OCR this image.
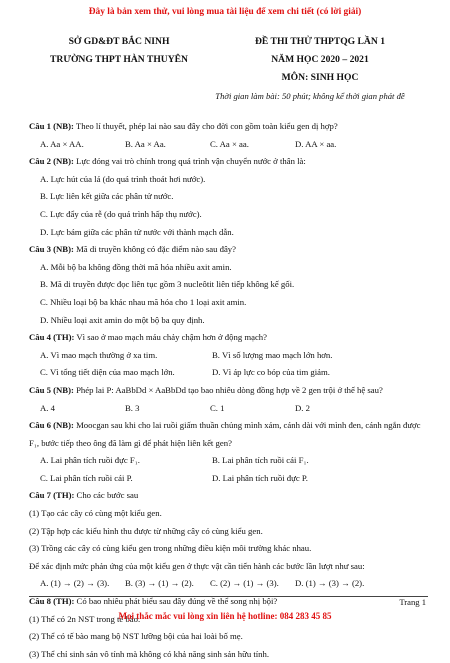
Đây là bản xem thử, vui lòng mua tài liệu để xem chi tiết (có lời giải)
SỞ GD&ĐT BẮC NINH
TRƯỜNG THPT HÀN THUYÊN
ĐỀ THI THỬ THPTQG LẦN 1
NĂM HỌC 2020 – 2021
MÔN: SINH HỌC
Thời gian làm bài: 50 phút; không kể thời gian phát đề
Câu 1 (NB): Theo lí thuyết, phép lai nào sau đây cho đời con gồm toàn kiểu gen dị hợp?
A. Aa × AA.	B. Aa × Aa.	C. Aa × aa.	D. AA × aa.
Câu 2 (NB): Lực đóng vai trò chính trong quá trình vận chuyển nước ở thân là:
A. Lực hút của lá (do quá trình thoát hơi nước).
B. Lực liên kết giữa các phân tử nước.
C. Lực đẩy của rễ (do quá trình hấp thụ nước).
D. Lực bám giữa các phân tử nước với thành mạch dẫn.
Câu 3 (NB): Mã di truyền không có đặc điểm nào sau đây?
A. Mỗi bộ ba không đồng thời mã hóa nhiều axit amin.
B. Mã di truyền được đọc liên tục gồm 3 nucleôtit liên tiếp không kế gối.
C. Nhiều loại bộ ba khác nhau mã hóa cho 1 loại axit amin.
D. Nhiều loại axit amin do một bộ ba quy định.
Câu 4 (TH): Vì sao ở mao mạch máu chảy chậm hơn ở động mạch?
A. Vì mao mạch thường ở xa tim.	B. Vì số lượng mao mạch lớn hơn.
C. Vì tổng tiết diện của mao mạch lớn.	D. Vì áp lực co bóp của tim giảm.
Câu 5 (NB): Phép lai P: AaBbDd × AaBbDd tạo bao nhiêu dòng đồng hợp về 2 gen trội ở thế hệ sau?
A. 4	B. 3	C. 1	D. 2
Câu 6 (NB): Moocgan sau khi cho lai ruồi giấm thuần chủng mình xám, cánh dài với mình đen, cánh ngắn được F₁, bước tiếp theo ông đã làm gì để phát hiện liên kết gen?
A. Lai phân tích ruồi đực F₁.	B. Lai phân tích ruồi cái F₁.
C. Lai phân tích ruồi cái P.	D. Lai phân tích ruồi đực P.
Câu 7 (TH): Cho các bước sau
(1) Tạo các cây có cùng một kiểu gen.
(2) Tập hợp các kiểu hình thu được từ những cây có cùng kiểu gen.
(3) Trồng các cây có cùng kiểu gen trong những điều kiện môi trường khác nhau.
Để xác định mức phản ứng của một kiểu gen ở thực vật cần tiến hành các bước lần lượt như sau:
A. (1) → (2) → (3).	B. (3) → (1) → (2).	C. (2) → (1) → (3).	D. (1) → (3) → (2).
Câu 8 (TH): Có bao nhiêu phát biểu sau đây đúng về thể song nhị bội?
(1) Thể có 2n NST trong tế bào.
(2) Thể có tế bào mang bộ NST lưỡng bội của hai loài bố mẹ.
(3) Thể chỉ sinh sản vô tính mà không có khả năng sinh sản hữu tính.
Trang 1
Mọi thắc mắc vui lòng xin liên hệ hotline: 084 283 45 85
